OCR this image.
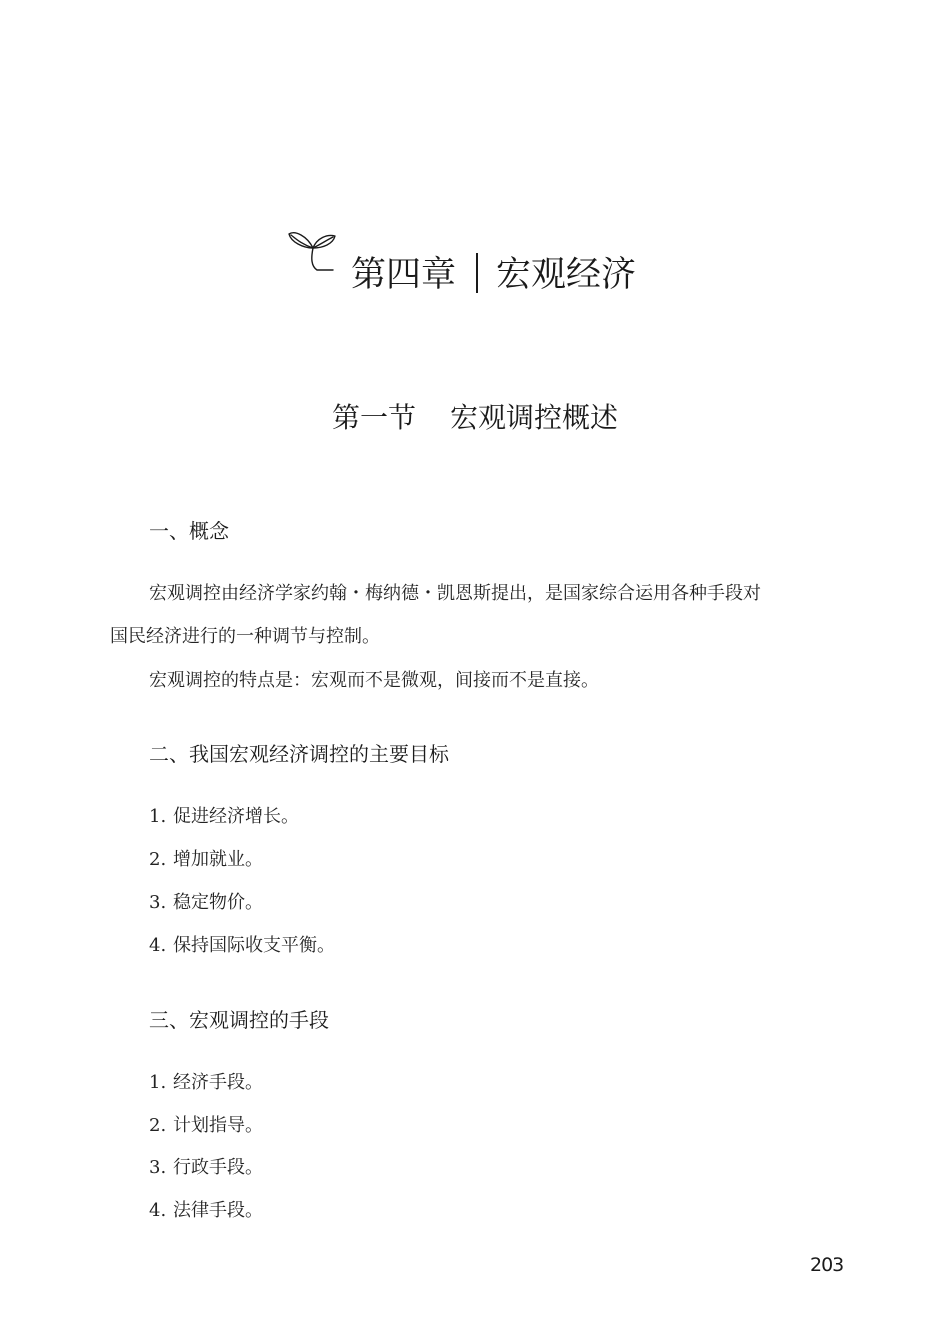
第四章 宏观经济
第一节 宏观调控概述
一、概念
宏观调控由经济学家约翰・梅纳德・凯恩斯提出，是国家综合运用各种手段对
国民经济进行的一种调节与控制。
宏观调控的特点是：宏观而不是微观，间接而不是直接。
二、我国宏观经济调控的主要目标
1. 促进经济增长。
2. 增加就业。
3. 稳定物价。
4. 保持国际收支平衡。
三、宏观调控的手段
1. 经济手段。
2. 计划指导。
3. 行政手段。
4. 法律手段。
203
